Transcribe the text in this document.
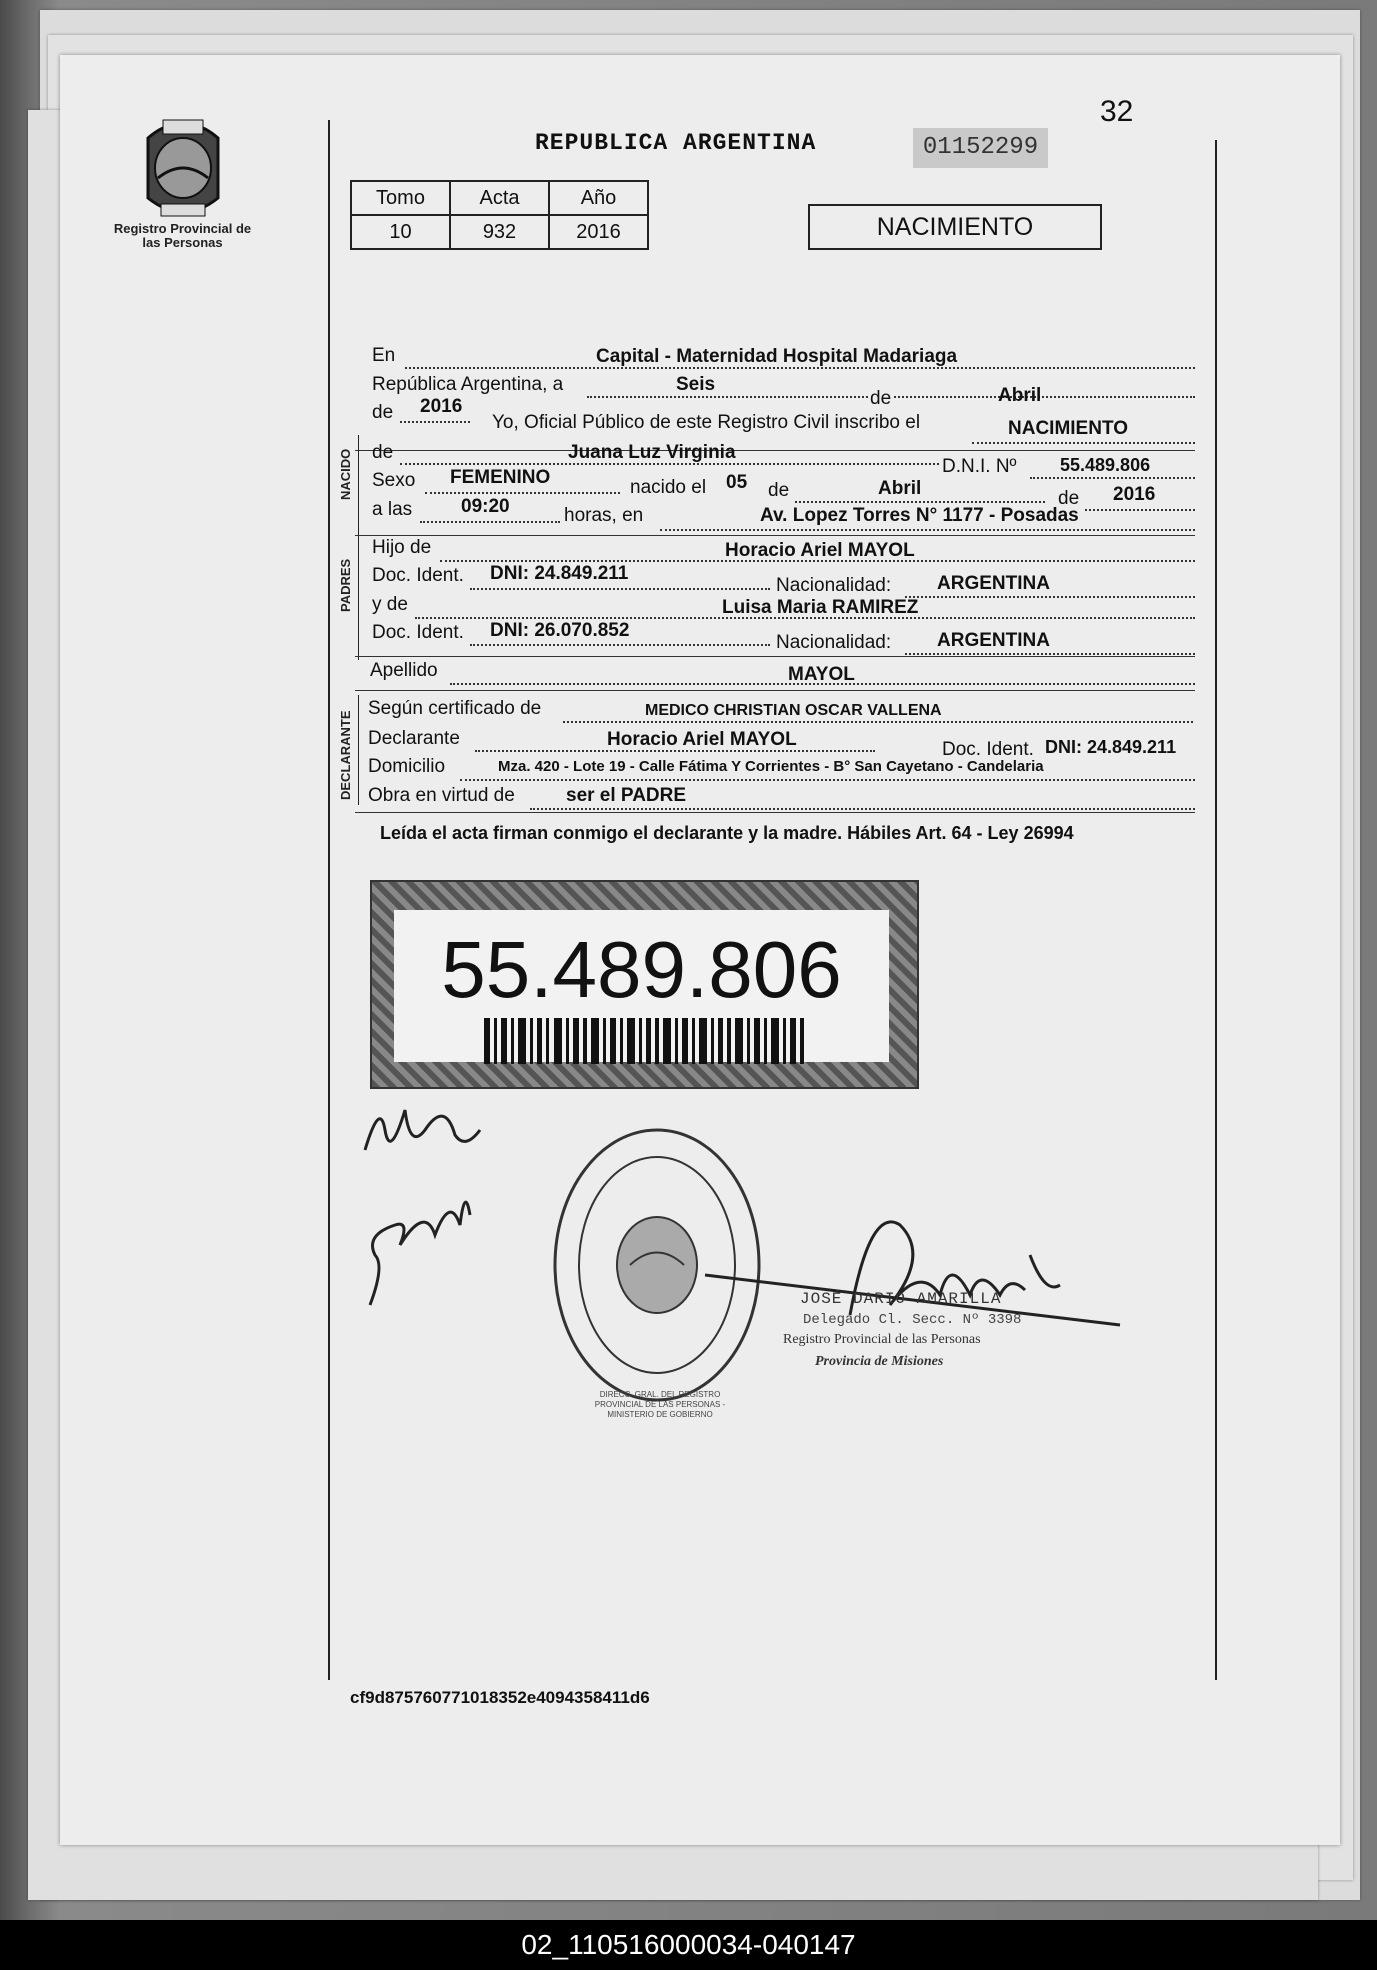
Registro Provincial de las Personas
32
REPUBLICA ARGENTINA	01152299
Tomo	Acta	Año
10	932	2016	NACIMIENTO
En	Capital - Maternidad Hospital Madariaga
República Argentina, a	Seis
de	Abril
de 2016
Yo, Oficial Público de este Registro Civil inscribo el	NACIMIENTO
NACIDO de	Juana Luz Virginia
D.N.I. Nº 55.489.806
Sexo FEMENINO	nacido el 05 de	Abril	de 2016
a las	09:20	horas, en	Av. Lopez Torres N° 1177 - Posadas
PADRES
Hijo de	Horacio Ariel MAYOL
Doc. Ident. DNI: 24.849.211
Nacionalidad: ARGENTINA
y de	Luisa Maria RAMIREZ
Doc. Ident. DNI: 26.070.852
Nacionalidad: ARGENTINA
Apellido	MAYOL
DECLARANTE
Según certificado de	MEDICO CHRISTIAN OSCAR VALLENA
Declarante	Horacio Ariel MAYOL	Doc. Ident. DNI: 24.849.211
Domicilio	Mza. 420 - Lote 19 - Calle Fátima Y Corrientes - B° San Cayetano - Candelaria
Obra en virtud de	ser el PADRE
Leída el acta firman conmigo el declarante y la madre. Hábiles Art. 64 - Ley 26994
55.489.806
DIRECC. GRAL. DEL REGISTRO PROVINCIAL DE LAS PERSONAS - MINISTERIO DE GOBIERNO
JOSÉ DARIO AMARILLA
Delegado Cl. Secc. Nº 3398
Registro Provincial de las Personas
Provincia de Misiones
cf9d875760771018352e4094358411d6
02_110516000034-040147
